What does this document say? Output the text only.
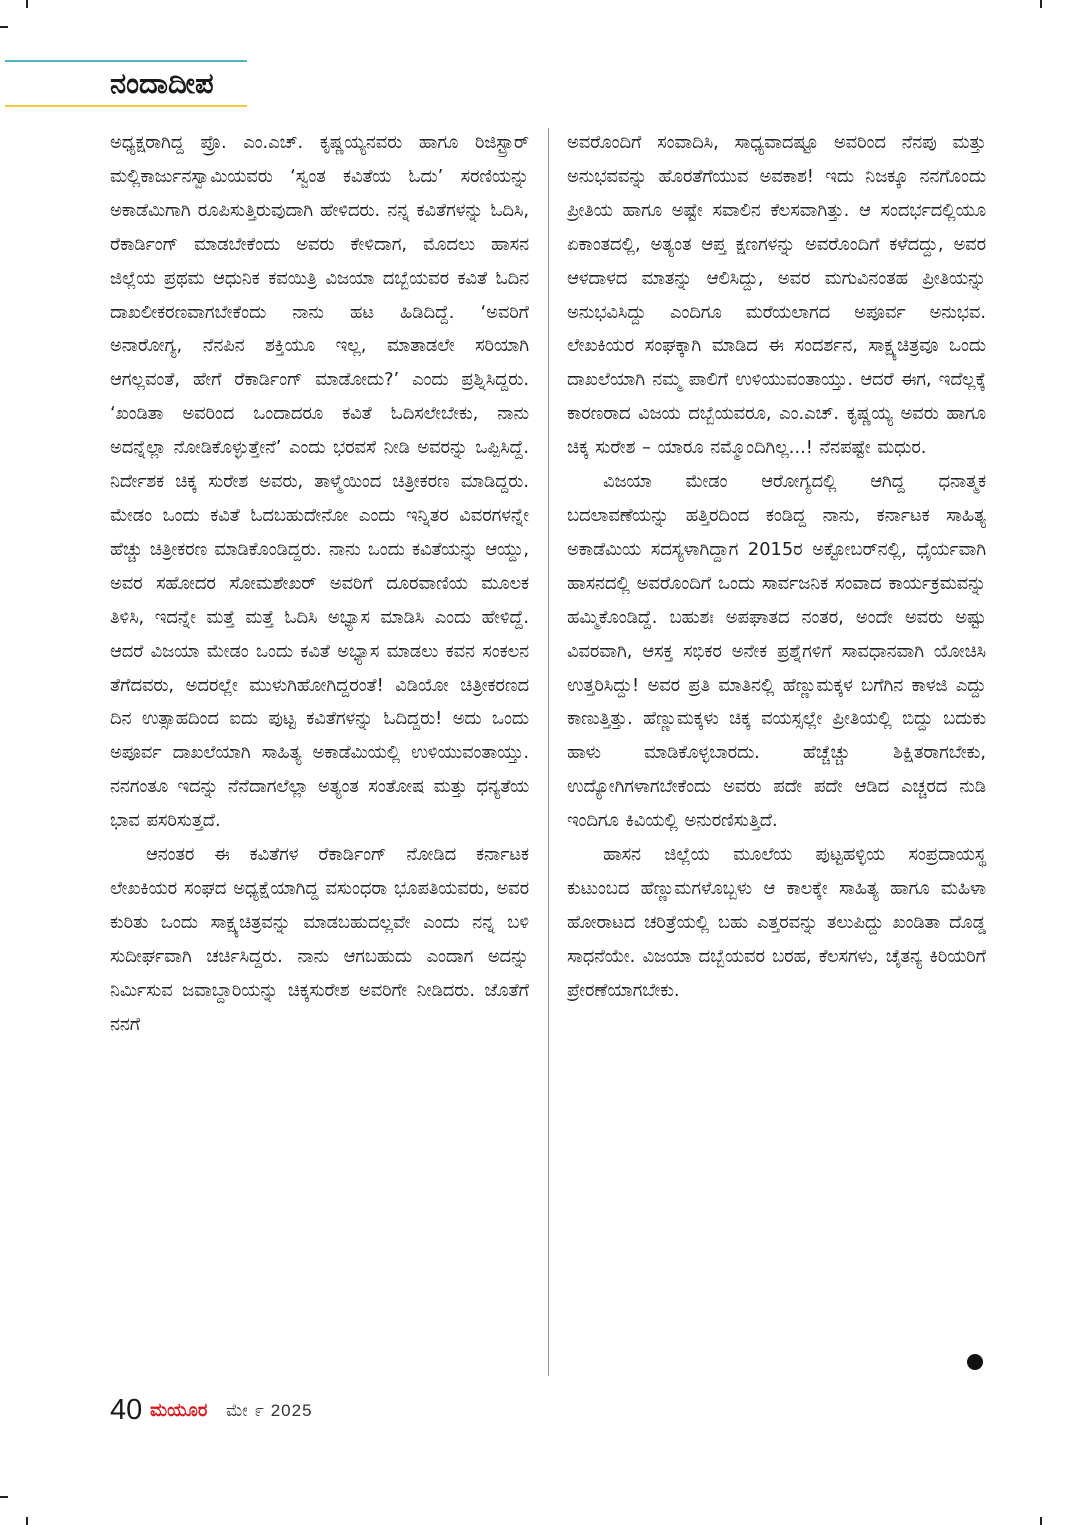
ನಂದಾದೀಪ

ಅಧ್ಯಕ್ಷರಾಗಿದ್ದ ಪ್ರೊ. ಎಂ.ಎಚ್. ಕೃಷ್ಣಯ್ಯನವರು ಹಾಗೂ ರಿಜಿಸ್ಟ್ರಾರ್ ಮಲ್ಲಿಕಾರ್ಜುನಸ್ವಾಮಿಯವರು ‘ಸ್ವಂತ ಕವಿತೆಯ ಓದು’ ಸರಣಿಯನ್ನು ಅಕಾಡೆಮಿಗಾಗಿ ರೂಪಿಸುತ್ತಿರುವುದಾಗಿ ಹೇಳಿದರು. ನನ್ನ ಕವಿತೆಗಳನ್ನು ಓದಿಸಿ, ರೆಕಾರ್ಡಿಂಗ್ ಮಾಡಬೇಕೆಂದು ಅವರು ಕೇಳಿದಾಗ, ಮೊದಲು ಹಾಸನ ಜಿಲ್ಲೆಯ ಪ್ರಥಮ ಆಧುನಿಕ ಕವಯಿತ್ರಿ ವಿಜಯಾ ದಬ್ಬೆಯವರ ಕವಿತೆ ಓದಿನ ದಾಖಲೀಕರಣವಾಗಬೇಕೆಂದು ನಾನು ಹಟ ಹಿಡಿದಿದ್ದೆ. ‘ಅವರಿಗೆ ಅನಾರೋಗ್ಯ, ನೆನಪಿನ ಶಕ್ತಿಯೂ ಇಲ್ಲ, ಮಾತಾಡಲೇ ಸರಿಯಾಗಿ ಆಗಲ್ಲವಂತೆ, ಹೇಗೆ ರೆಕಾರ್ಡಿಂಗ್ ಮಾಡೋದು?’ ಎಂದು ಪ್ರಶ್ನಿಸಿದ್ದರು. ‘ಖಂಡಿತಾ ಅವರಿಂದ ಒಂದಾದರೂ ಕವಿತೆ ಓದಿಸಲೇಬೇಕು, ನಾನು ಅದನ್ನೆಲ್ಲಾ ನೋಡಿಕೊಳ್ಳುತ್ತೇನೆ’ ಎಂದು ಭರವಸೆ ನೀಡಿ ಅವರನ್ನು ಒಪ್ಪಿಸಿದ್ದೆ. ನಿರ್ದೇಶಕ ಚಿಕ್ಕ ಸುರೇಶ ಅವರು, ತಾಳ್ಮೆಯಿಂದ ಚಿತ್ರೀಕರಣ ಮಾಡಿದ್ದರು. ಮೇಡಂ ಒಂದು ಕವಿತೆ ಓದಬಹುದೇನೋ ಎಂದು ಇನ್ನಿತರ ವಿವರಗಳನ್ನೇ ಹೆಚ್ಚು ಚಿತ್ರೀಕರಣ ಮಾಡಿಕೊಂಡಿದ್ದರು. ನಾನು ಒಂದು ಕವಿತೆಯನ್ನು ಆಯ್ದು, ಅವರ ಸಹೋದರ ಸೋಮಶೇಖರ್ ಅವರಿಗೆ ದೂರವಾಣಿಯ ಮೂಲಕ ತಿಳಿಸಿ, ಇದನ್ನೇ ಮತ್ತೆ ಮತ್ತೆ ಓದಿಸಿ ಅಭ್ಯಾಸ ಮಾಡಿಸಿ ಎಂದು ಹೇಳಿದ್ದೆ. ಆದರೆ ವಿಜಯಾ ಮೇಡಂ ಒಂದು ಕವಿತೆ ಅಭ್ಯಾಸ ಮಾಡಲು ಕವನ ಸಂಕಲನ ತೆಗೆದವರು, ಅದರಲ್ಲೇ ಮುಳುಗಿಹೋಗಿದ್ದರಂತೆ! ವಿಡಿಯೋ ಚಿತ್ರೀಕರಣದ ದಿನ ಉತ್ಸಾಹದಿಂದ ಐದು ಪುಟ್ಟ ಕವಿತೆಗಳನ್ನು ಓದಿದ್ದರು! ಅದು ಒಂದು ಅಪೂರ್ವ ದಾಖಲೆಯಾಗಿ ಸಾಹಿತ್ಯ ಅಕಾಡೆಮಿಯಲ್ಲಿ ಉಳಿಯುವಂತಾಯ್ತು. ನನಗಂತೂ ಇದನ್ನು ನೆನೆದಾಗಲೆಲ್ಲಾ ಅತ್ಯಂತ ಸಂತೋಷ ಮತ್ತು ಧನ್ಯತೆಯ ಭಾವ ಪಸರಿಸುತ್ತದೆ.

ಆನಂತರ ಈ ಕವಿತೆಗಳ ರೆಕಾರ್ಡಿಂಗ್ ನೋಡಿದ ಕರ್ನಾಟಕ ಲೇಖಕಿಯರ ಸಂಘದ ಅಧ್ಯಕ್ಷೆಯಾಗಿದ್ದ ವಸುಂಧರಾ ಭೂಪತಿಯವರು, ಅವರ ಕುರಿತು ಒಂದು ಸಾಕ್ಷ್ಯಚಿತ್ರವನ್ನು ಮಾಡಬಹುದಲ್ಲವೇ ಎಂದು ನನ್ನ ಬಳಿ ಸುದೀರ್ಘವಾಗಿ ಚರ್ಚಿಸಿದ್ದರು. ನಾನು ಆಗಬಹುದು ಎಂದಾಗ ಅದನ್ನು ನಿರ್ಮಿಸುವ ಜವಾಬ್ದಾರಿಯನ್ನು ಚಿಕ್ಕಸುರೇಶ ಅವರಿಗೇ ನೀಡಿದರು. ಜೊತೆಗೆ ನನಗೆ

ಅವರೊಂದಿಗೆ ಸಂವಾದಿಸಿ, ಸಾಧ್ಯವಾದಷ್ಟೂ ಅವರಿಂದ ನೆನಪು ಮತ್ತು ಅನುಭವವನ್ನು ಹೊರತೆಗೆಯುವ ಅವಕಾಶ! ಇದು ನಿಜಕ್ಕೂ ನನಗೊಂದು ಪ್ರೀತಿಯ ಹಾಗೂ ಅಷ್ಟೇ ಸವಾಲಿನ ಕೆಲಸವಾಗಿತ್ತು. ಆ ಸಂದರ್ಭದಲ್ಲಿಯೂ ಏಕಾಂತದಲ್ಲಿ, ಅತ್ಯಂತ ಆಪ್ತ ಕ್ಷಣಗಳನ್ನು ಅವರೊಂದಿಗೆ ಕಳೆದದ್ದು, ಅವರ ಆಳದಾಳದ ಮಾತನ್ನು ಆಲಿಸಿದ್ದು, ಅವರ ಮಗುವಿನಂತಹ ಪ್ರೀತಿಯನ್ನು ಅನುಭವಿಸಿದ್ದು ಎಂದಿಗೂ ಮರೆಯಲಾಗದ ಅಪೂರ್ವ ಅನುಭವ. ಲೇಖಕಿಯರ ಸಂಘಕ್ಕಾಗಿ ಮಾಡಿದ ಈ ಸಂದರ್ಶನ, ಸಾಕ್ಷ್ಯಚಿತ್ರವೂ ಒಂದು ದಾಖಲೆಯಾಗಿ ನಮ್ಮ ಪಾಲಿಗೆ ಉಳಿಯುವಂತಾಯ್ತು. ಆದರೆ ಈಗ, ಇದೆಲ್ಲಕ್ಕೆ ಕಾರಣರಾದ ವಿಜಯ ದಬ್ಬೆಯವರೂ, ಎಂ.ಎಚ್. ಕೃಷ್ಣಯ್ಯ ಅವರು ಹಾಗೂ ಚಿಕ್ಕ ಸುರೇಶ – ಯಾರೂ ನಮ್ಮೊಂದಿಗಿಲ್ಲ...! ನೆನಪಷ್ಟೇ ಮಧುರ.

ವಿಜಯಾ ಮೇಡಂ ಆರೋಗ್ಯದಲ್ಲಿ ಆಗಿದ್ದ ಧನಾತ್ಮಕ ಬದಲಾವಣೆಯನ್ನು ಹತ್ತಿರದಿಂದ ಕಂಡಿದ್ದ ನಾನು, ಕರ್ನಾಟಕ ಸಾಹಿತ್ಯ ಅಕಾಡೆಮಿಯ ಸದಸ್ಯಳಾಗಿದ್ದಾಗ 2015ರ ಅಕ್ಟೋಬರ್‌ನಲ್ಲಿ, ಧೈರ್ಯವಾಗಿ ಹಾಸನದಲ್ಲಿ ಅವರೊಂದಿಗೆ ಒಂದು ಸಾರ್ವಜನಿಕ ಸಂವಾದ ಕಾರ್ಯಕ್ರಮವನ್ನು ಹಮ್ಮಿಕೊಂಡಿದ್ದೆ. ಬಹುಶಃ ಅಪಘಾತದ ನಂತರ, ಅಂದೇ ಅವರು ಅಷ್ಟು ವಿವರವಾಗಿ, ಆಸಕ್ತ ಸಭಿಕರ ಅನೇಕ ಪ್ರಶ್ನೆಗಳಿಗೆ ಸಾವಧಾನವಾಗಿ ಯೋಚಿಸಿ ಉತ್ತರಿಸಿದ್ದು! ಅವರ ಪ್ರತಿ ಮಾತಿನಲ್ಲಿ ಹೆಣ್ಣುಮಕ್ಕಳ ಬಗೆಗಿನ ಕಾಳಜಿ ಎದ್ದು ಕಾಣುತ್ತಿತ್ತು. ಹೆಣ್ಣುಮಕ್ಕಳು ಚಿಕ್ಕ ವಯಸ್ಸಲ್ಲೇ ಪ್ರೀತಿಯಲ್ಲಿ ಬಿದ್ದು ಬದುಕು ಹಾಳು ಮಾಡಿಕೊಳ್ಳಬಾರದು. ಹೆಚ್ಚೆಚ್ಚು ಶಿಕ್ಷಿತರಾಗಬೇಕು, ಉದ್ಯೋಗಿಗಳಾಗಬೇಕೆಂದು ಅವರು ಪದೇ ಪದೇ ಆಡಿದ ಎಚ್ಚರದ ನುಡಿ ಇಂದಿಗೂ ಕಿವಿಯಲ್ಲಿ ಅನುರಣಿಸುತ್ತಿದೆ.

ಹಾಸನ ಜಿಲ್ಲೆಯ ಮೂಲೆಯ ಪುಟ್ಟಹಳ್ಳಿಯ ಸಂಪ್ರದಾಯಸ್ಥ ಕುಟುಂಬದ ಹೆಣ್ಣುಮಗಳೊಬ್ಬಳು ಆ ಕಾಲಕ್ಕೇ ಸಾಹಿತ್ಯ ಹಾಗೂ ಮಹಿಳಾ ಹೋರಾಟದ ಚರಿತ್ರೆಯಲ್ಲಿ ಬಹು ಎತ್ತರವನ್ನು ತಲುಪಿದ್ದು ಖಂಡಿತಾ ದೊಡ್ಡ ಸಾಧನೆಯೇ. ವಿಜಯಾ ದಬ್ಬೆಯವರ ಬರಹ, ಕೆಲಸಗಳು, ಚೈತನ್ಯ ಕಿರಿಯರಿಗೆ ಪ್ರೇರಣೆಯಾಗಬೇಕು.

40 ಮಯೂರ ಮೇ ೯ 2025
